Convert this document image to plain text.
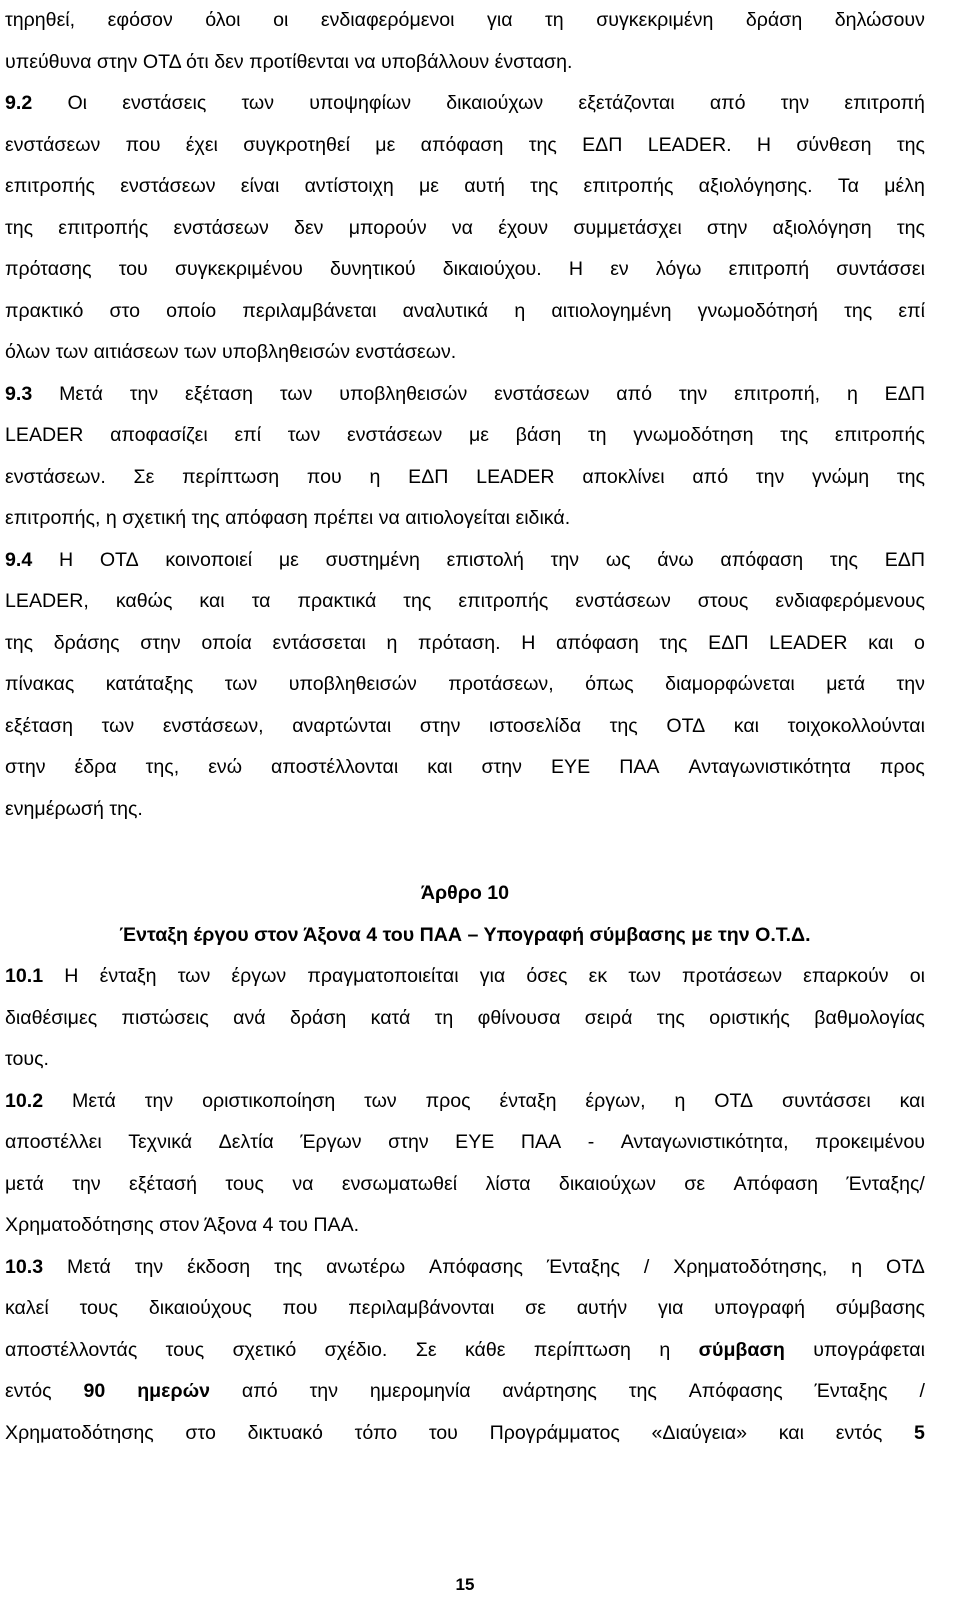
τηρηθεί, εφόσον όλοι οι ενδιαφερόμενοι για τη συγκεκριμένη δράση δηλώσουν
υπεύθυνα στην ΟΤΔ ότι δεν προτίθενται να υποβάλλουν ένσταση.
9.2 Οι ενστάσεις των υποψηφίων δικαιούχων εξετάζονται από την επιτροπή
ενστάσεων που έχει συγκροτηθεί με απόφαση της ΕΔΠ LEADER. Η σύνθεση της
επιτροπής ενστάσεων είναι αντίστοιχη με αυτή της επιτροπής αξιολόγησης. Τα μέλη
της επιτροπής ενστάσεων δεν μπορούν να έχουν συμμετάσχει στην αξιολόγηση της
πρότασης του συγκεκριμένου δυνητικού δικαιούχου. Η εν λόγω επιτροπή συντάσσει
πρακτικό στο οποίο περιλαμβάνεται αναλυτικά η αιτιολογημένη γνωμοδότησή της επί
όλων των αιτιάσεων των υποβληθεισών ενστάσεων.
9.3 Μετά την εξέταση των υποβληθεισών ενστάσεων από την επιτροπή, η ΕΔΠ
LEADER αποφασίζει επί των ενστάσεων με βάση τη γνωμοδότηση της επιτροπής
ενστάσεων. Σε περίπτωση που η ΕΔΠ LEADER αποκλίνει από την γνώμη της
επιτροπής, η σχετική της απόφαση πρέπει να αιτιολογείται ειδικά.
9.4 Η ΟΤΔ κοινοποιεί με συστημένη επιστολή την ως άνω απόφαση της ΕΔΠ
LEADER, καθώς και τα πρακτικά της επιτροπής ενστάσεων στους ενδιαφερόμενους
της δράσης στην οποία εντάσσεται η πρόταση. Η απόφαση της ΕΔΠ LEADER και ο
πίνακας κατάταξης των υποβληθεισών προτάσεων, όπως διαμορφώνεται μετά την
εξέταση των ενστάσεων, αναρτώνται στην ιστοσελίδα της ΟΤΔ και τοιχοκολλούνται
στην έδρα της, ενώ αποστέλλονται και στην ΕΥΕ ΠΑΑ Ανταγωνιστικότητα προς
ενημέρωσή της.
Άρθρο 10
Ένταξη έργου στον Άξονα 4 του ΠΑΑ – Υπογραφή σύμβασης με την Ο.Τ.Δ.
10.1 Η ένταξη των έργων πραγματοποιείται για όσες εκ των προτάσεων επαρκούν οι
διαθέσιμες πιστώσεις ανά δράση κατά τη φθίνουσα σειρά της οριστικής βαθμολογίας
τους.
10.2 Μετά την οριστικοποίηση των προς ένταξη έργων, η ΟΤΔ συντάσσει και
αποστέλλει Τεχνικά Δελτία Έργων στην ΕΥΕ ΠΑΑ - Ανταγωνιστικότητα, προκειμένου
μετά την εξέτασή τους να ενσωματωθεί λίστα δικαιούχων σε Απόφαση Ένταξης/
Χρηματοδότησης στον Άξονα 4 του ΠΑΑ.
10.3 Μετά την έκδοση της ανωτέρω Απόφασης Ένταξης / Χρηματοδότησης, η ΟΤΔ
καλεί τους δικαιούχους που περιλαμβάνονται σε αυτήν για υπογραφή σύμβασης
αποστέλλοντάς τους σχετικό σχέδιο. Σε κάθε περίπτωση η σύμβαση υπογράφεται
εντός 90 ημερών από την ημερομηνία ανάρτησης της Απόφασης Ένταξης /
Χρηματοδότησης στο δικτυακό τόπο του Προγράμματος «Διαύγεια» και εντός 5
15
